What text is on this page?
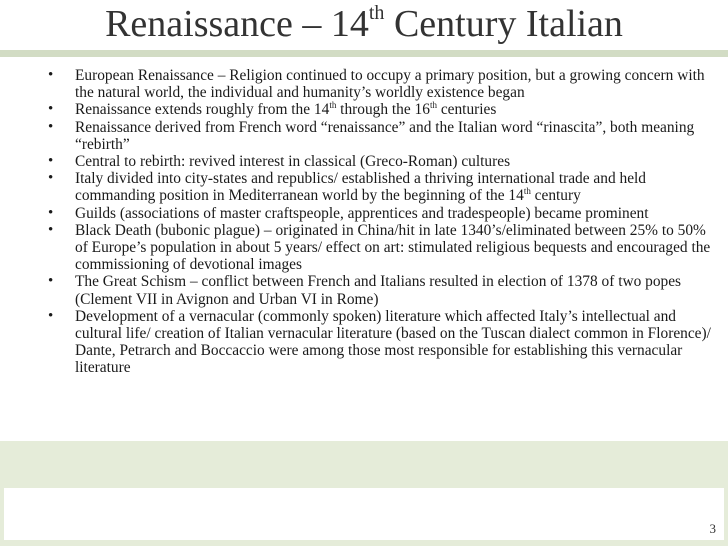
Renaissance – 14th Century Italian
• European Renaissance – Religion continued to occupy a primary position, but a growing concern with the natural world, the individual and humanity’s worldly existence began
• Renaissance extends roughly from the 14th through the 16th centuries
• Renaissance derived from French word “renaissance” and the Italian word “rinascita”, both meaning “rebirth”
• Central to rebirth: revived interest in classical (Greco-Roman) cultures
• Italy divided into city-states and republics/ established a thriving international trade and held commanding position in Mediterranean world by the beginning of the 14th century
• Guilds (associations of master craftspeople, apprentices and tradespeople) became prominent
• Black Death (bubonic plague) – originated in China/hit in late 1340’s/eliminated between 25% to 50% of Europe’s population in about 5 years/ effect on art: stimulated religious bequests and encouraged the commissioning of devotional images
• The Great Schism – conflict between French and Italians resulted in election of 1378 of two popes (Clement VII in Avignon and Urban VI in Rome)
• Development of a vernacular (commonly spoken) literature which affected Italy’s intellectual and cultural life/ creation of Italian vernacular literature (based on the Tuscan dialect common in Florence)/ Dante, Petrarch and Boccaccio were among those most responsible for establishing this vernacular literature
3
